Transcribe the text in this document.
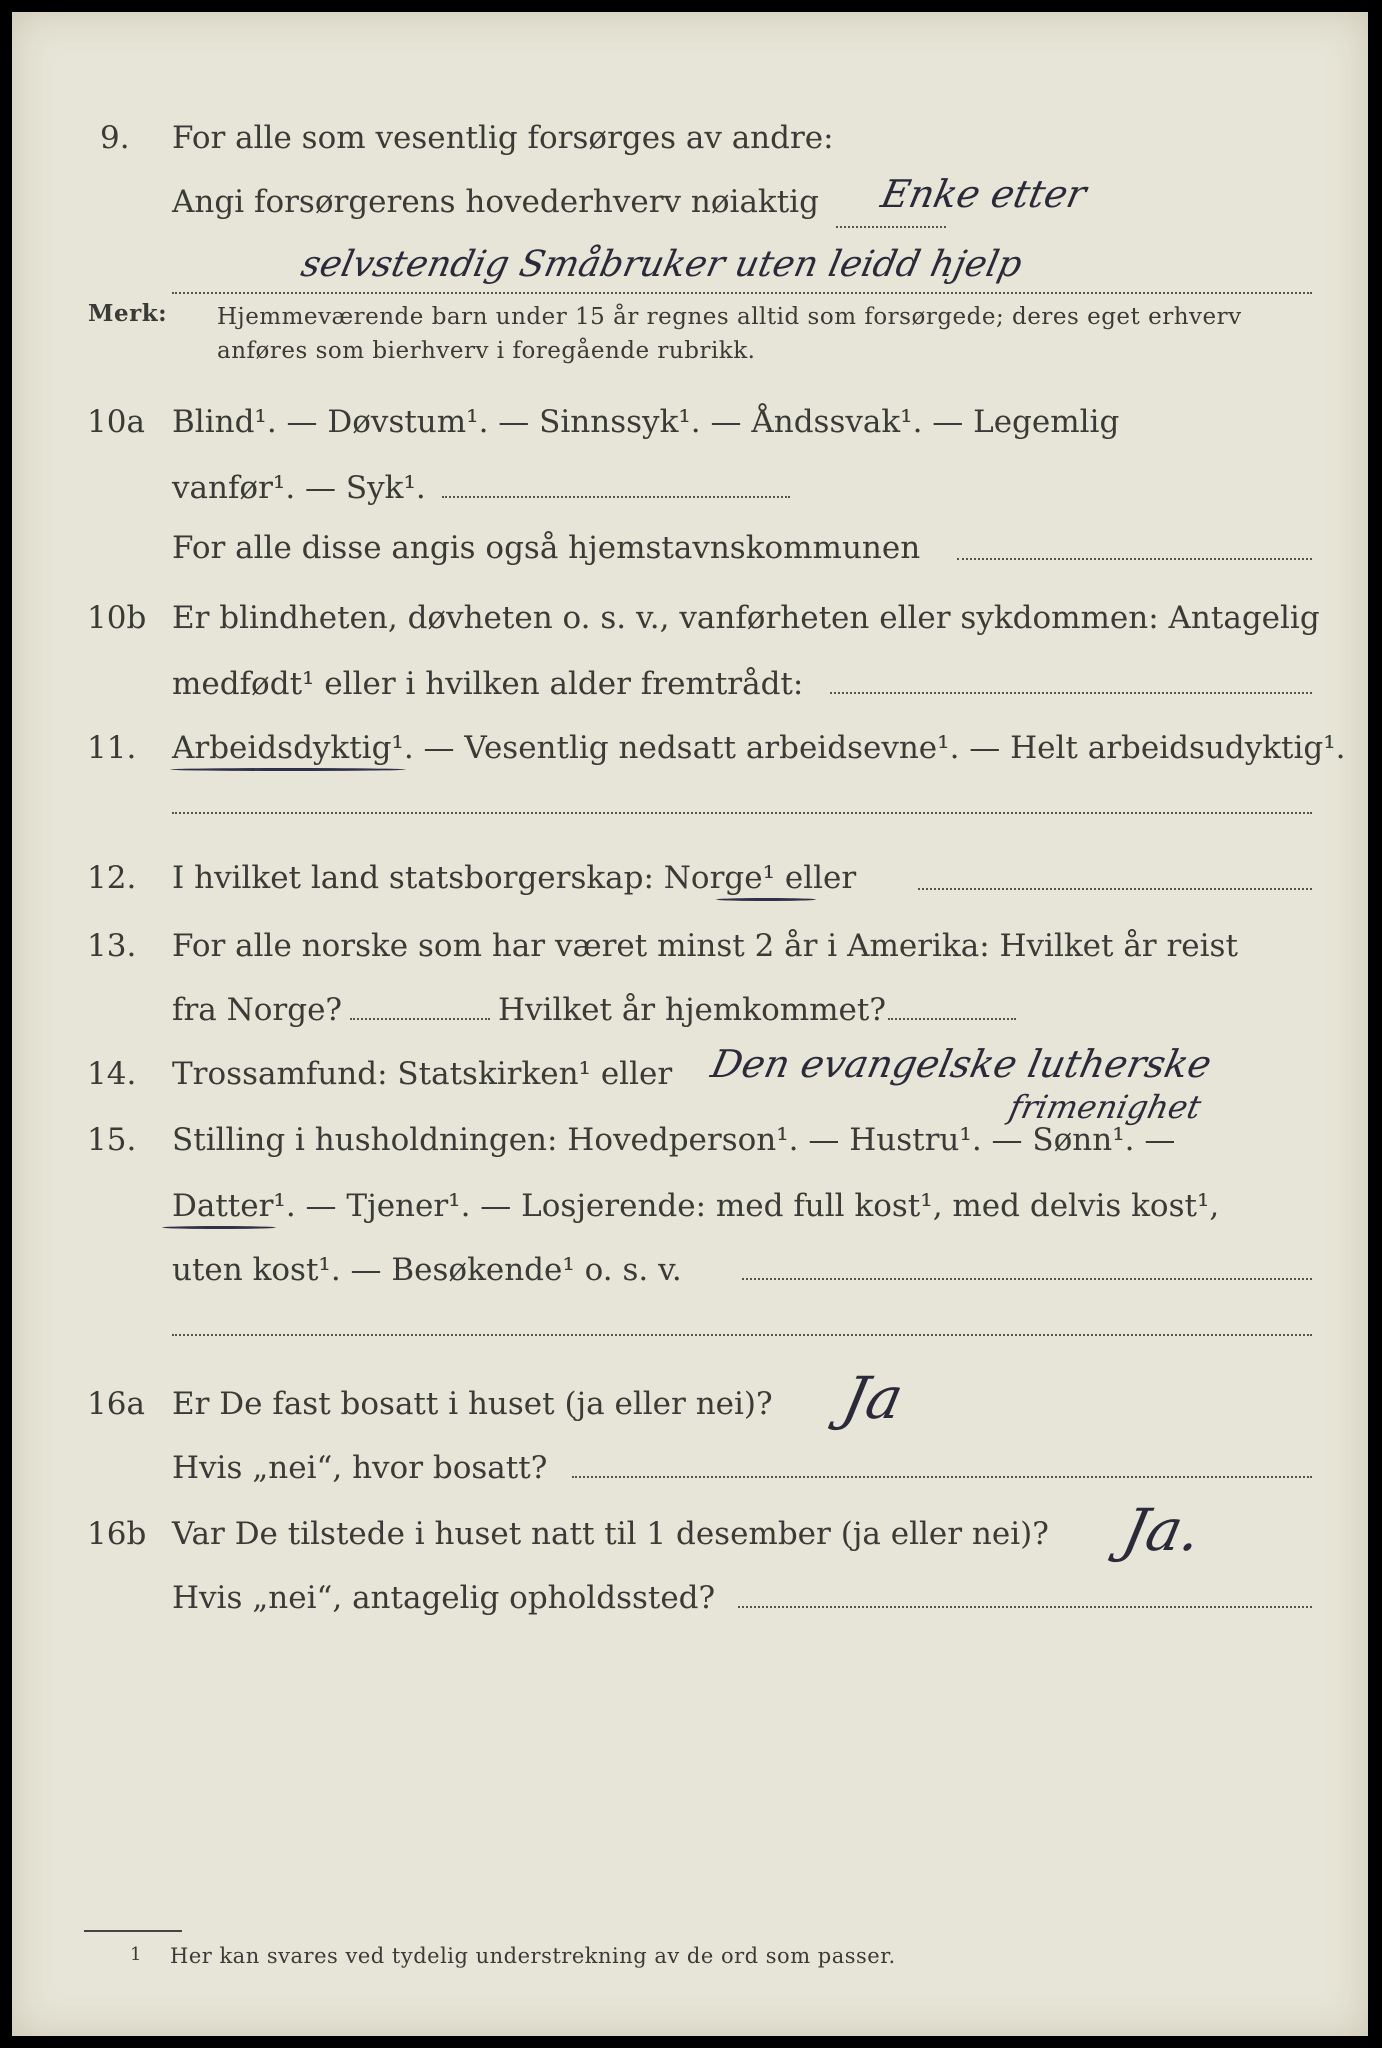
9. For alle som vesentlig forsørges av andre:
Angi forsørgerens hovederhverv nøiaktig Enke etter
selvstendig Småbruker uten leidd hjelp
Merk: Hjemmeværende barn under 15 år regnes alltid som forsørgede; deres eget erhverv
anføres som bierhverv i foregående rubrikk.
10a Blind¹. — Døvstum¹. — Sinnssyk¹. — Åndssvak¹. — Legemlig
vanfør¹. — Syk¹.
For alle disse angis også hjemstavnskommunen
10b Er blindheten, døvheten o. s. v., vanførheten eller sykdommen: Antagelig
medfødt¹ eller i hvilken alder fremtrådt:
11. Arbeidsdyktig¹. — Vesentlig nedsatt arbeidsevne¹. — Helt arbeidsudyktig¹.
12. I hvilket land statsborgerskap: Norge¹ eller
13. For alle norske som har været minst 2 år i Amerika: Hvilket år reist
fra Norge?	Hvilket år hjemkommet?
14. Trossamfund: Statskirken¹ eller Den evangelske lutherske
frimenighet
15. Stilling i husholdningen: Hovedperson¹. — Hustru¹. — Sønn¹. —
Datter¹. — Tjener¹. — Losjerende: med full kost¹, med delvis kost¹,
uten kost¹. — Besøkende¹ o. s. v.
16a Er De fast bosatt i huset (ja eller nei)? Ja
Hvis „nei“, hvor bosatt?
16b Var De tilstede i huset natt til 1 desember (ja eller nei)? Ja.
Hvis „nei“, antagelig opholdssted?
1 Her kan svares ved tydelig understrekning av de ord som passer.
